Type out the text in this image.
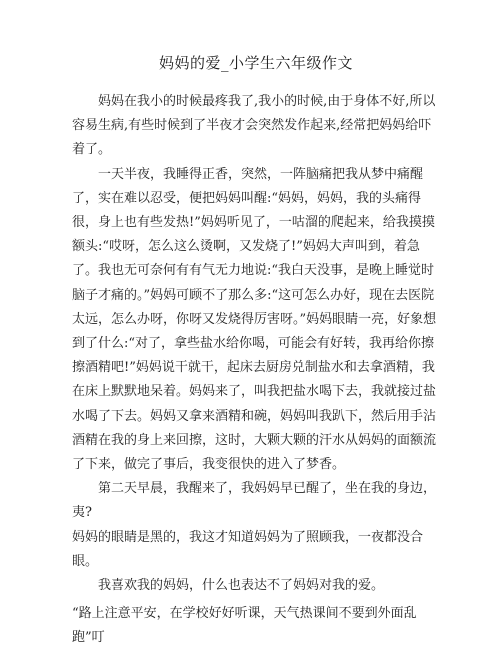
妈妈的爱_小学生六年级作文

妈妈在我小的时候最疼我了,我小的时候,由于身体不好,所以容易生病,有些时候到了半夜才会突然发作起来,经常把妈妈给吓着了。

一天半夜，我睡得正香，突然，一阵脑痛把我从梦中痛醒了，实在难以忍受，便把妈妈叫醒:“妈妈，妈妈，我的头痛得很，身上也有些发热!”妈妈听见了，一咕溜的爬起来，给我摸摸额头:“哎呀，怎么这么烫啊，又发烧了!”妈妈大声叫到，着急了。我也无可奈何有有气无力地说:“我白天没事，是晚上睡觉时脑子才痛的。”妈妈可顾不了那么多:“这可怎么办好，现在去医院太远，怎么办呀，你呀又发烧得厉害呀。”妈妈眼睛一亮，好象想到了什么:“对了，拿些盐水给你喝，可能会有好转，我再给你擦擦酒精吧!”妈妈说干就干，起床去厨房兑制盐水和去拿酒精，我在床上默默地呆着。妈妈来了，叫我把盐水喝下去，我就接过盐水喝了下去。妈妈又拿来酒精和碗，妈妈叫我趴下，然后用手沾酒精在我的身上来回擦，这时，大颗大颗的汗水从妈妈的面额流了下来，做完了事后，我变很快的进入了梦香。

第二天早晨，我醒来了，我妈妈早已醒了，坐在我的身边，夷?

妈妈的眼睛是黑的，我这才知道妈妈为了照顾我，一夜都没合眼。

我喜欢我的妈妈，什么也表达不了妈妈对我的爱。

“路上注意平安，在学校好好听课，天气热课间不要到外面乱跑”叮
